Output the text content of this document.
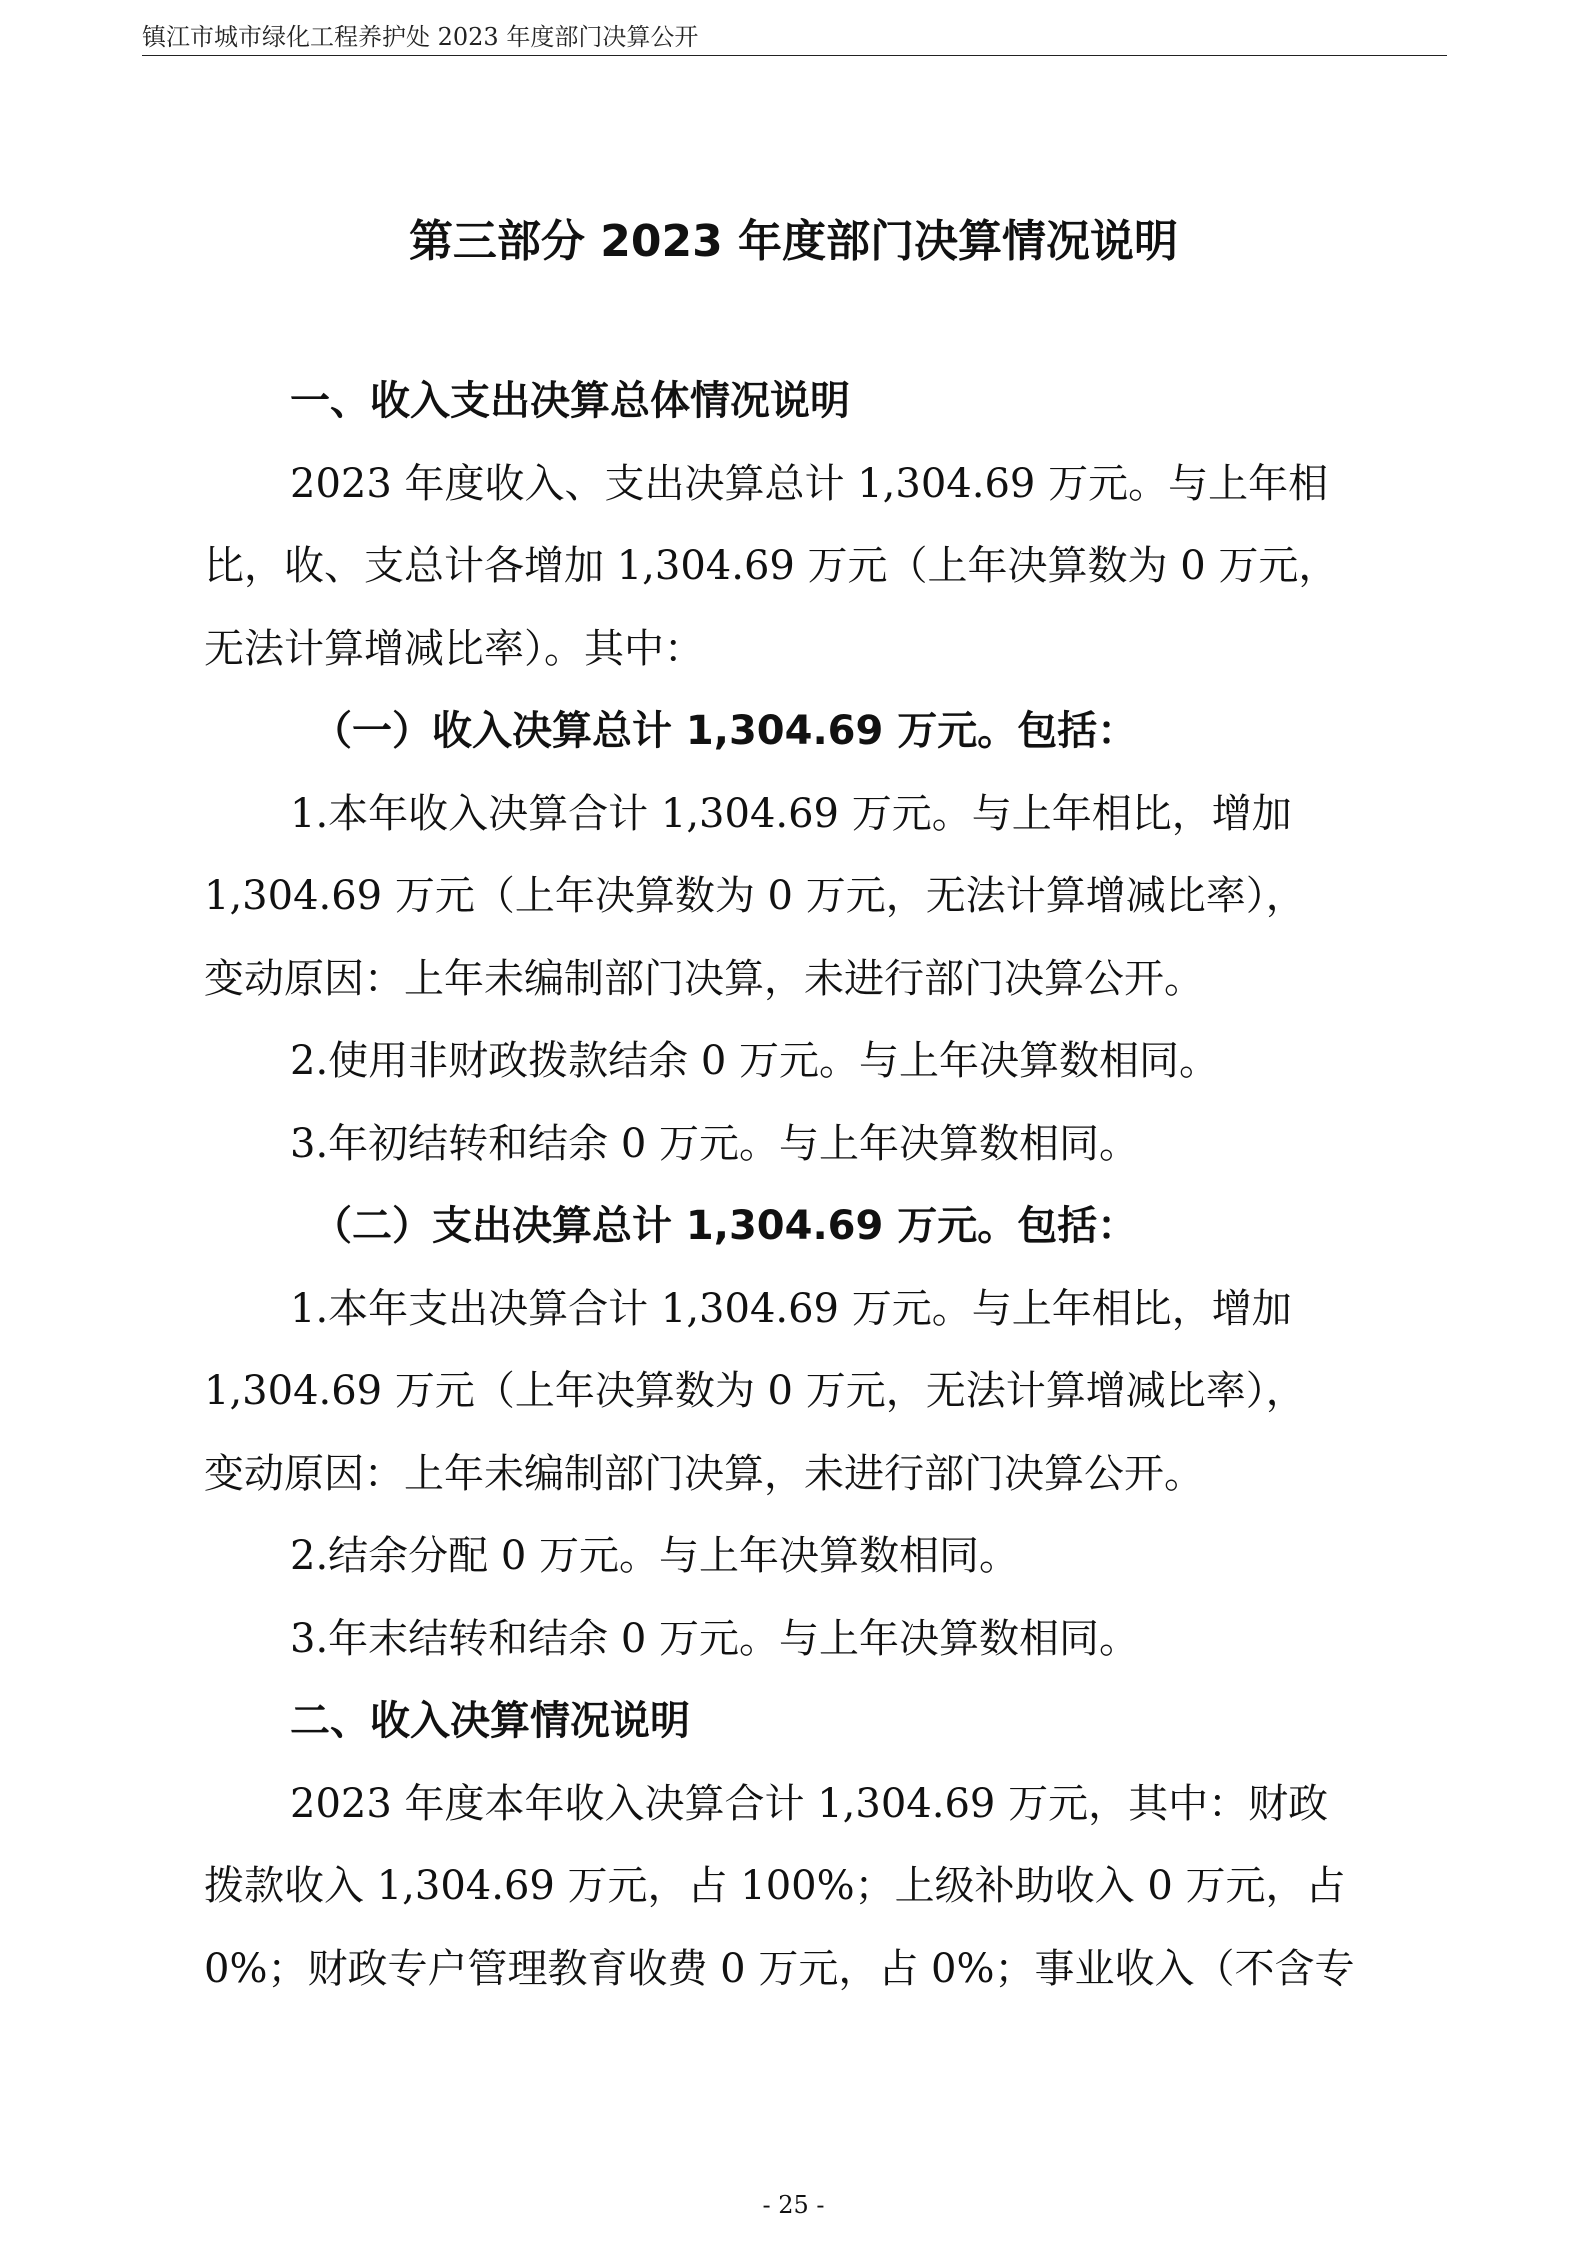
镇江市城市绿化工程养护处 2023 年度部门决算公开
第三部分 2023 年度部门决算情况说明

一、收入支出决算总体情况说明

2023 年度收入、支出决算总计 1,304.69 万元。与上年相

比，收、支总计各增加 1,304.69 万元（上年决算数为 0 万元，

无法计算增减比率）。其中：

（一）收入决算总计 1,304.69 万元。包括：

1.本年收入决算合计 1,304.69 万元。与上年相比，增加

1,304.69 万元（上年决算数为 0 万元，无法计算增减比率），

变动原因：上年未编制部门决算，未进行部门决算公开。

2.使用非财政拨款结余 0 万元。与上年决算数相同。

3.年初结转和结余 0 万元。与上年决算数相同。

（二）支出决算总计 1,304.69 万元。包括：

1.本年支出决算合计 1,304.69 万元。与上年相比，增加

1,304.69 万元（上年决算数为 0 万元，无法计算增减比率），

变动原因：上年未编制部门决算，未进行部门决算公开。

2.结余分配 0 万元。与上年决算数相同。

3.年末结转和结余 0 万元。与上年决算数相同。

二、收入决算情况说明

2023 年度本年收入决算合计 1,304.69 万元，其中：财政

拨款收入 1,304.69 万元，占 100%；上级补助收入 0 万元，占

0%；财政专户管理教育收费 0 万元，占 0%；事业收入（不含专

- 25 -
